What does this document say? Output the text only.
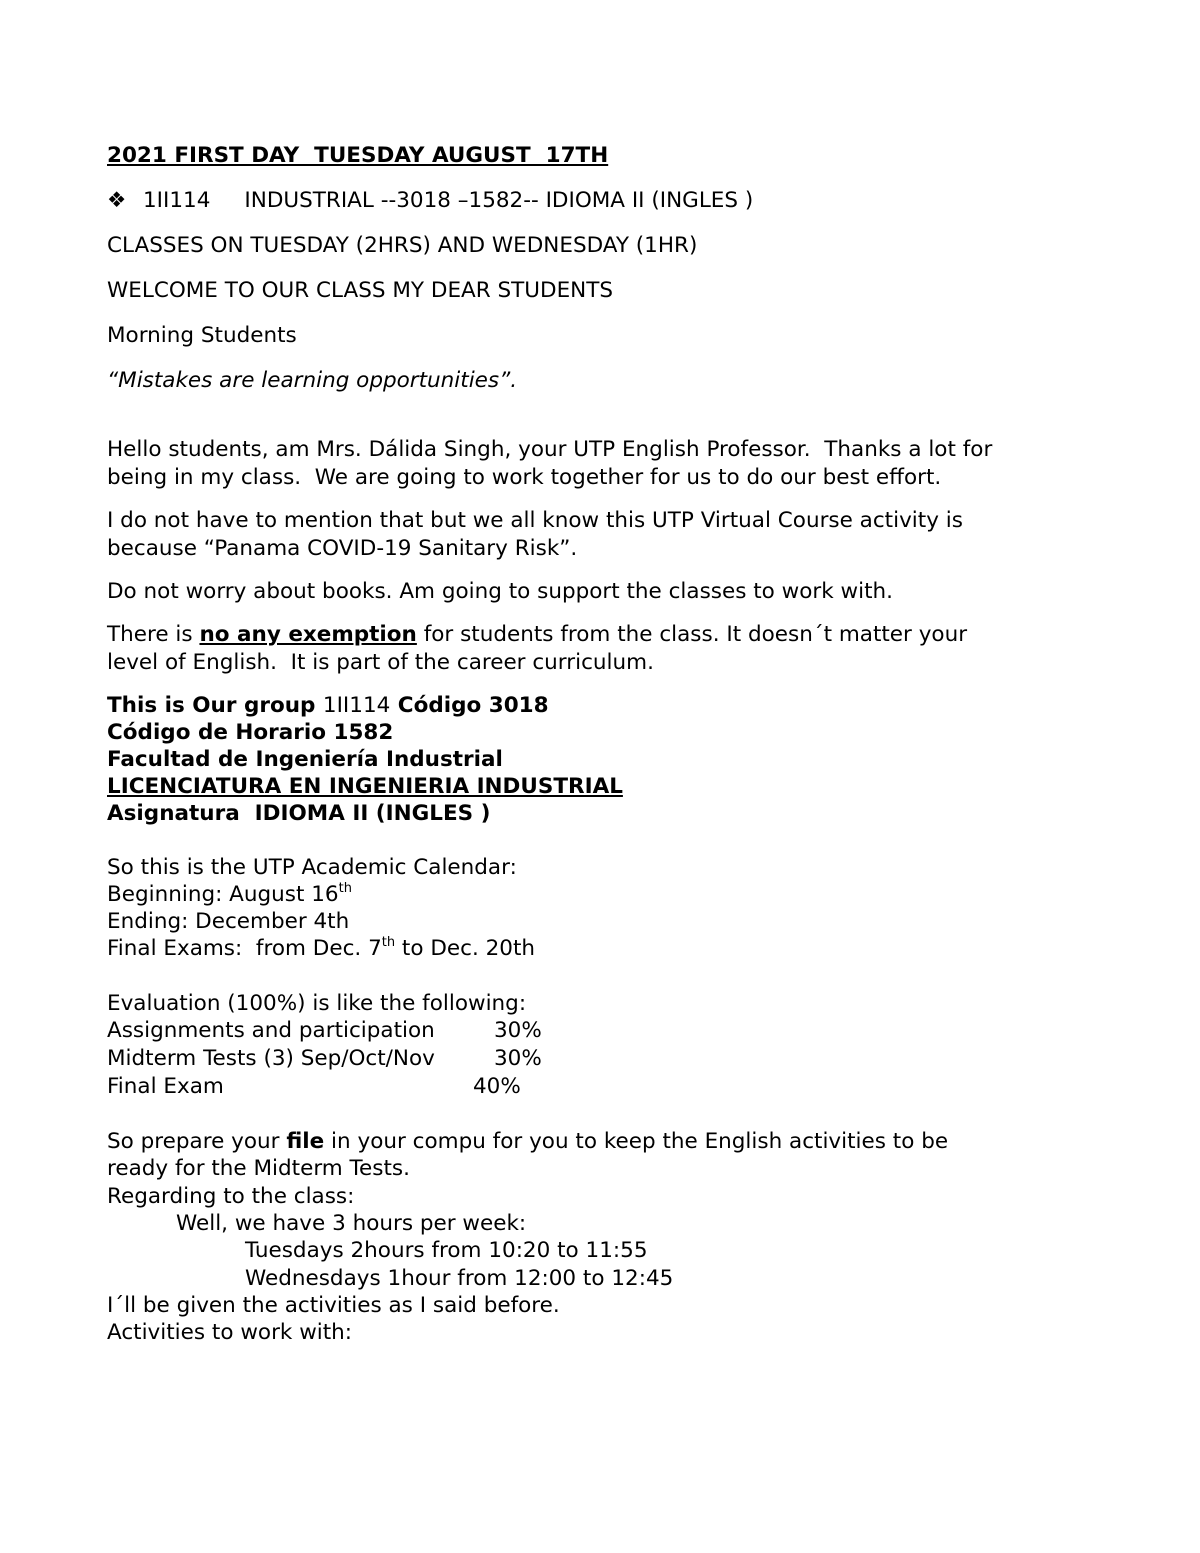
2021 FIRST DAY  TUESDAY AUGUST  17TH

❖ 1II114 INDUSTRIAL --3018 –1582-- IDIOMA II (INGLES )

CLASSES ON TUESDAY (2HRS) AND WEDNESDAY (1HR)

WELCOME TO OUR CLASS MY DEAR STUDENTS

Morning Students

“Mistakes are learning opportunities”.

Hello students, am Mrs. Dálida Singh, your UTP English Professor.  Thanks a lot for

being in my class.  We are going to work together for us to do our best effort.

I do not have to mention that but we all know this UTP Virtual Course activity is

because “Panama COVID-19 Sanitary Risk”.

Do not worry about books. Am going to support the classes to work with.

There is no any exemption for students from the class. It doesn´t matter your

level of English.  It is part of the career curriculum.

This is Our group 1II114 Código 3018

Código de Horario 1582

Facultad de Ingeniería Industrial

LICENCIATURA EN INGENIERIA INDUSTRIAL

Asignatura  IDIOMA II (INGLES )

So this is the UTP Academic Calendar:

Beginning: August 16th

Ending: December 4th

Final Exams:  from Dec. 7th to Dec. 20th

Evaluation (100%) is like the following:

Assignments and participation	30%

Midterm Tests (3) Sep/Oct/Nov	30%

Final Exam	40%

So prepare your file in your compu for you to keep the English activities to be

ready for the Midterm Tests.

Regarding to the class:

Well, we have 3 hours per week:

Tuesdays 2hours from 10:20 to 11:55

Wednesdays 1hour from 12:00 to 12:45

I´ll be given the activities as I said before.

Activities to work with:
